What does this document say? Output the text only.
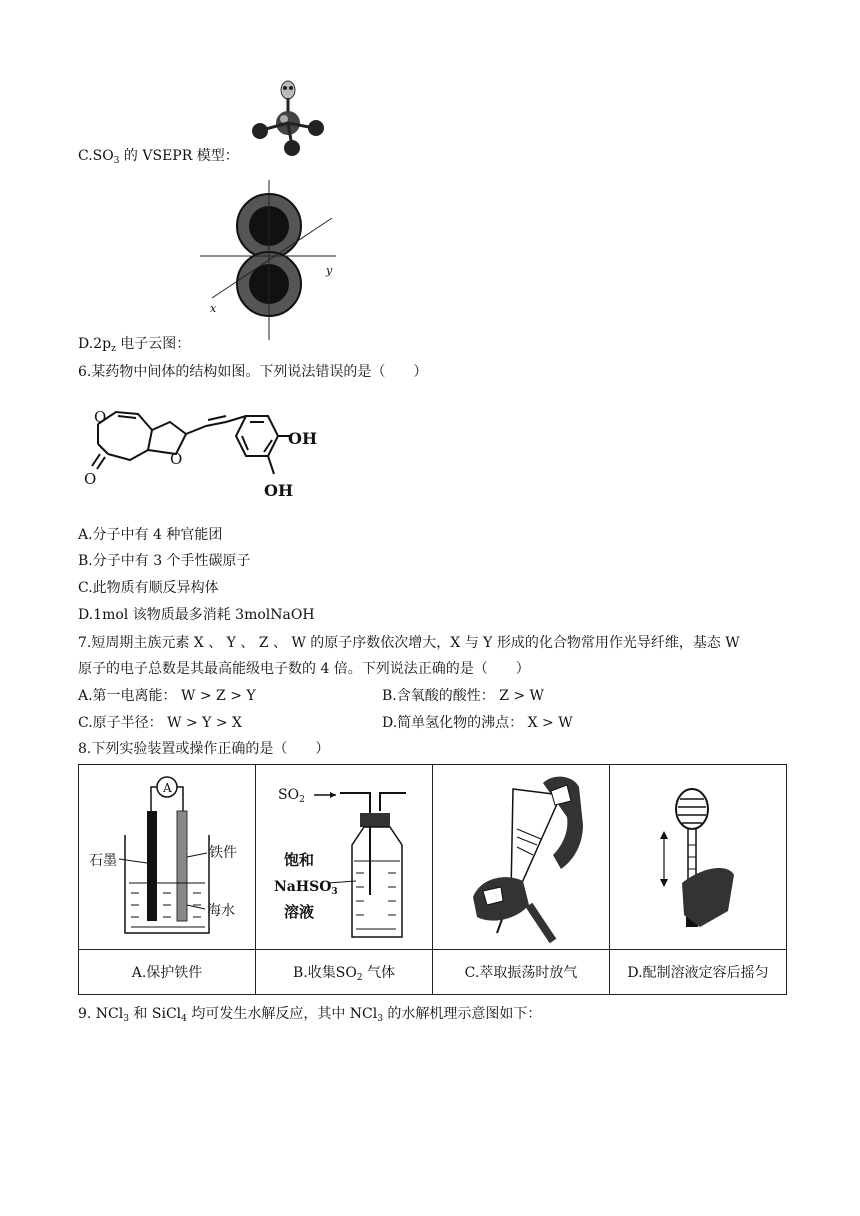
$C.SO_3$ 的 VSEPR 模型：
y
x
$D.2p_z$ 电子云图：
6.某药物中间体的结构如图。下列说法错误的是（　　）
O
O
O
OH
OH
A.分子中有 4 种官能团
B.分子中有 3 个手性碳原子
C.此物质有顺反异构体
D.1mol 该物质最多消耗 3molNaOH
7.短周期主族元素 X 、 Y 、 Z 、 W 的原子序数依次增大，X 与 Y 形成的化合物常用作光导纤维，基态 W
原子的电子总数是其最高能级电子数的 4 倍。下列说法正确的是（　　）
A.第一电离能： W > Z > Y	B.含氧酸的酸性： Z > W
C.原子半径： W > Y > X	D.简单氢化物的沸点： X > W
8.下列实验装置或操作正确的是（　　）
A
石墨 铁件
海水	$SO_2$
饱和
NaHSO$_3$
溶液

A.保护铁件	B.收集$SO_2$ 气体	C.萃取振荡时放气	D.配制溶液定容后摇匀
9. NCl$_3$ 和 SiCl$_4$ 均可发生水解反应，其中 NCl$_3$ 的水解机理示意图如下：
